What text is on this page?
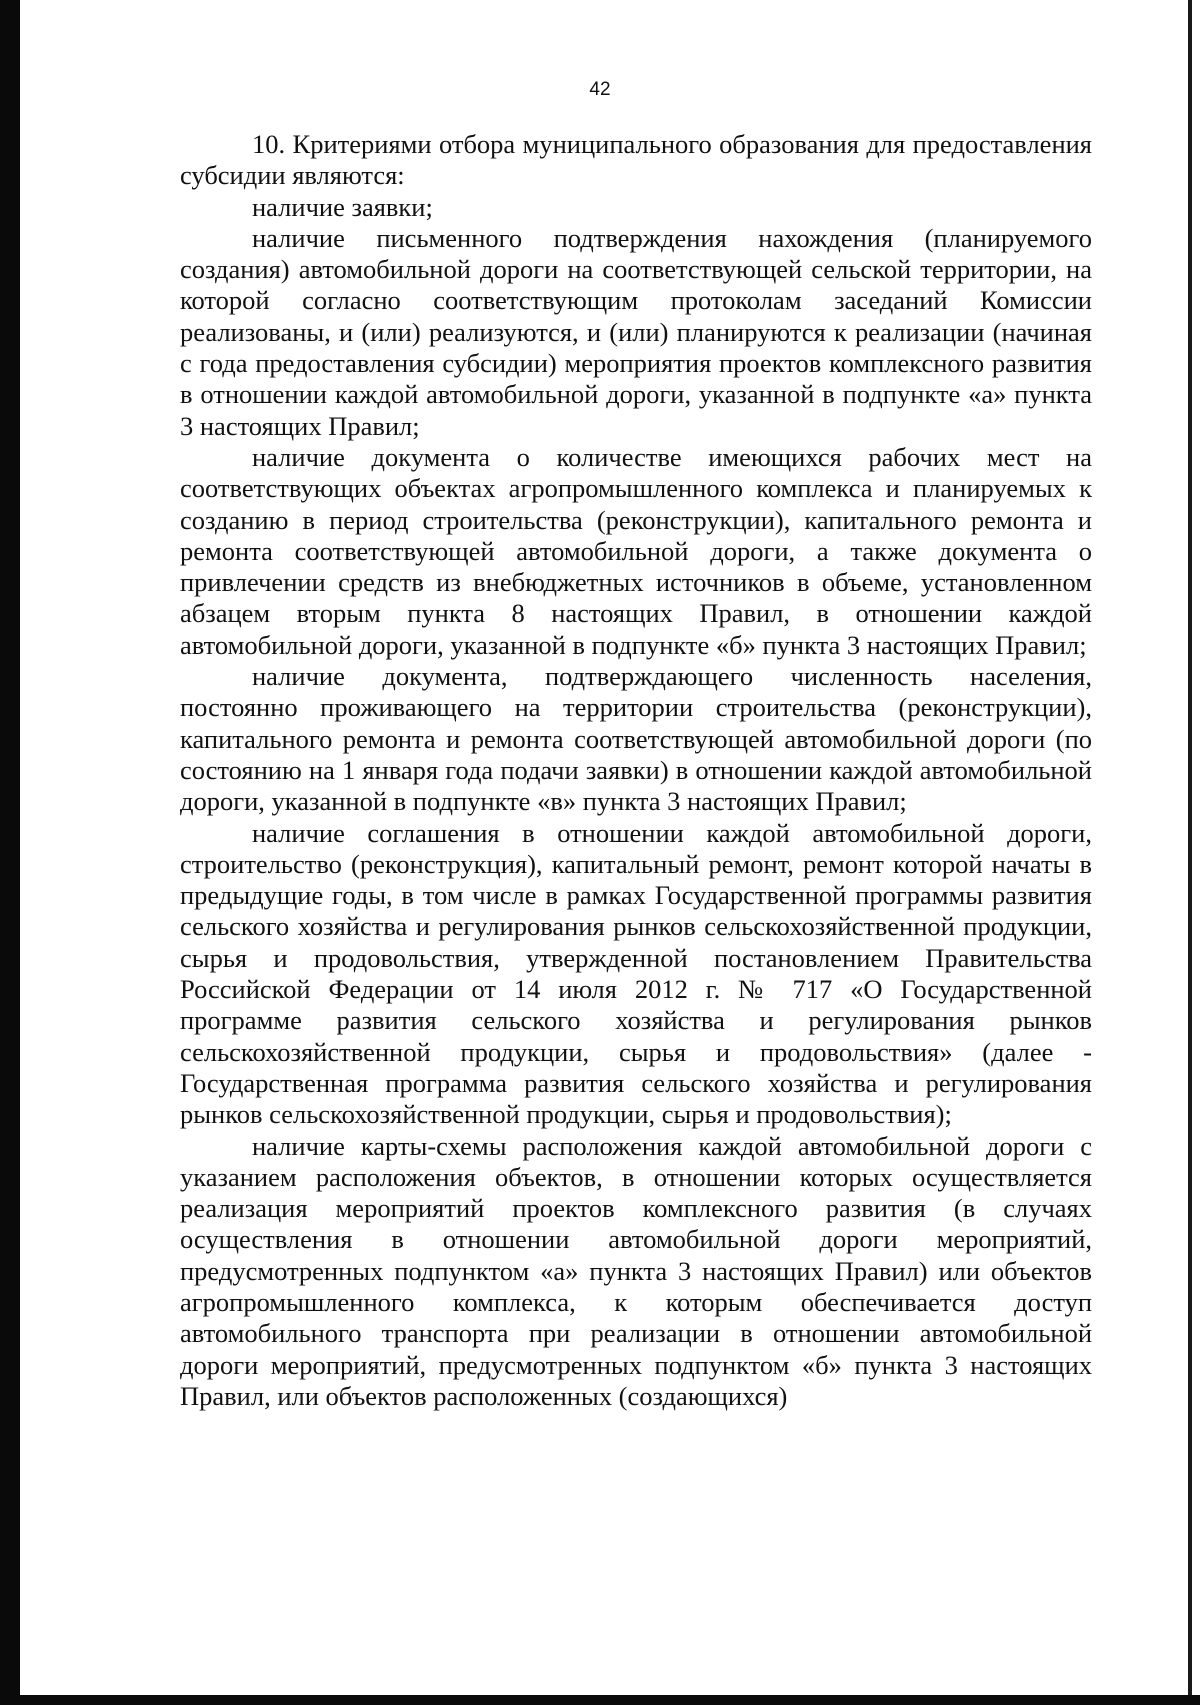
42

10. Критериями отбора муниципального образования для предоставления субсидии являются:

наличие заявки;

наличие письменного подтверждения нахождения (планируемого создания) автомобильной дороги на соответствующей сельской территории, на которой согласно соответствующим протоколам заседаний Комиссии реализованы, и (или) реализуются, и (или) планируются к реализации (начиная с года предоставления субсидии) мероприятия проектов комплексного развития в отношении каждой автомобильной дороги, указанной в подпункте «а» пункта 3 настоящих Правил;

наличие документа о количестве имеющихся рабочих мест на соответствующих объектах агропромышленного комплекса и планируемых к созданию в период строительства (реконструкции), капитального ремонта и ремонта соответствующей автомобильной дороги, а также документа о привлечении средств из внебюджетных источников в объеме, установленном абзацем вторым пункта 8 настоящих Правил, в отношении каждой автомобильной дороги, указанной в подпункте «б» пункта 3 настоящих Правил;

наличие документа, подтверждающего численность населения, постоянно проживающего на территории строительства (реконструкции), капитального ремонта и ремонта соответствующей автомобильной дороги (по состоянию на 1 января года подачи заявки) в отношении каждой автомобильной дороги, указанной в подпункте «в» пункта 3 настоящих Правил;

наличие соглашения в отношении каждой автомобильной дороги, строительство (реконструкция), капитальный ремонт, ремонт которой начаты в предыдущие годы, в том числе в рамках Государственной программы развития сельского хозяйства и регулирования рынков сельскохозяйственной продукции, сырья и продовольствия, утвержденной постановлением Правительства Российской Федерации от 14 июля 2012 г. № 717 «О Государственной программе развития сельского хозяйства и регулирования рынков сельскохозяйственной продукции, сырья и продовольствия» (далее - Государственная программа развития сельского хозяйства и регулирования рынков сельскохозяйственной продукции, сырья и продовольствия);

наличие карты-схемы расположения каждой автомобильной дороги с указанием расположения объектов, в отношении которых осуществляется реализация мероприятий проектов комплексного развития (в случаях осуществления в отношении автомобильной дороги мероприятий, предусмотренных подпунктом «а» пункта 3 настоящих Правил) или объектов агропромышленного комплекса, к которым обеспечивается доступ автомобильного транспорта при реализации в отношении автомобильной дороги мероприятий, предусмотренных подпунктом «б» пункта 3 настоящих Правил, или объектов расположенных (создающихся)
